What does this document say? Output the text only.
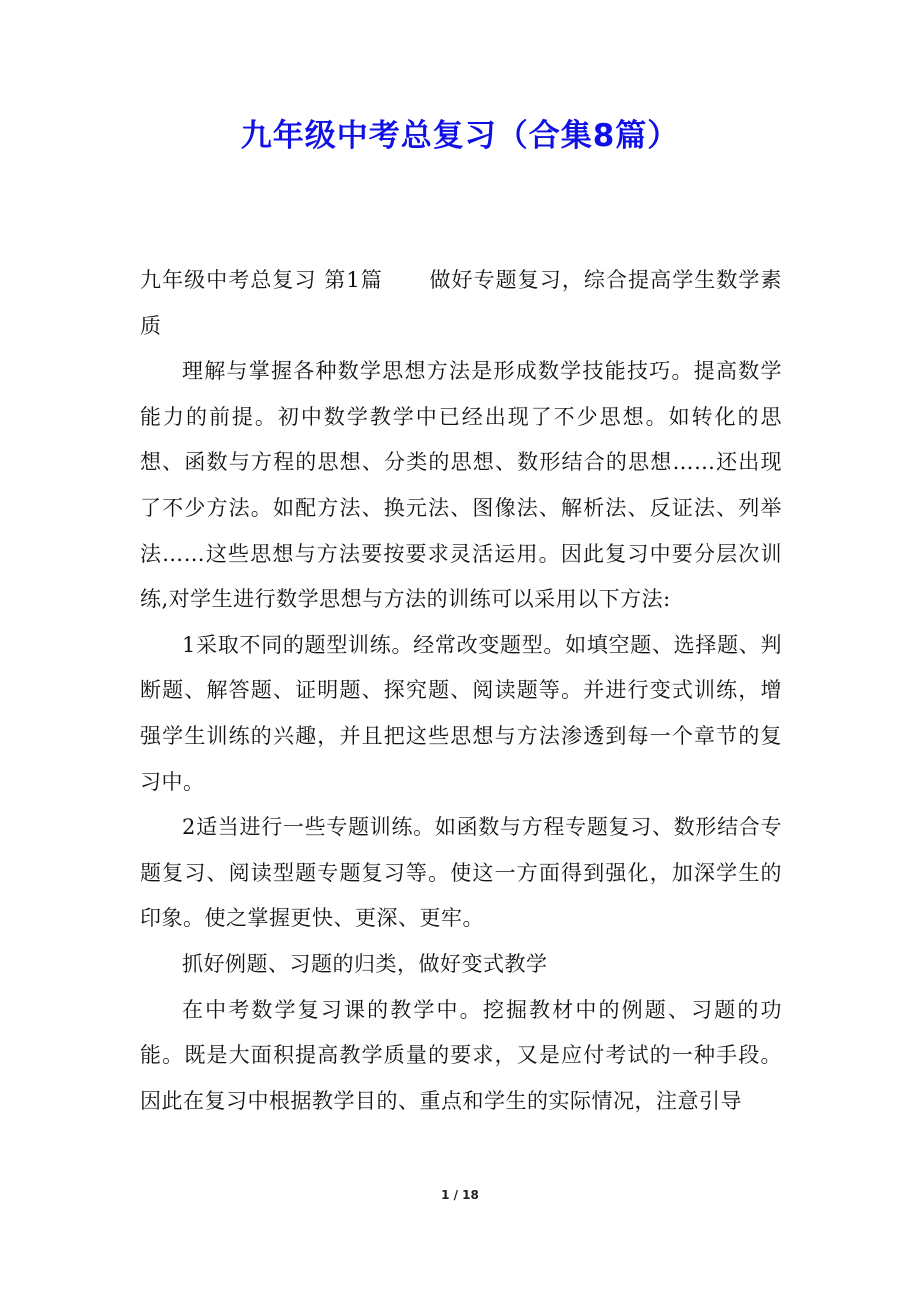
九年级中考总复习（合集8篇）

九年级中考总复习 第1篇 做好专题复习，综合提高学生数学素质

理解与掌握各种数学思想方法是形成数学技能技巧。提高数学能力的前提。初中数学教学中已经出现了不少思想。如转化的思想、函数与方程的思想、分类的思想、数形结合的思想……还出现了不少方法。如配方法、换元法、图像法、解析法、反证法、列举法……这些思想与方法要按要求灵活运用。因此复习中要分层次训练,对学生进行数学思想与方法的训练可以采用以下方法:

1采取不同的题型训练。经常改变题型。如填空题、选择题、判断题、解答题、证明题、探究题、阅读题等。并进行变式训练，增强学生训练的兴趣，并且把这些思想与方法渗透到每一个章节的复习中。

2适当进行一些专题训练。如函数与方程专题复习、数形结合专题复习、阅读型题专题复习等。使这一方面得到强化，加深学生的印象。使之掌握更快、更深、更牢。

抓好例题、习题的归类，做好变式教学

在中考数学复习课的教学中。挖掘教材中的例题、习题的功能。既是大面积提高教学质量的要求，又是应付考试的一种手段。因此在复习中根据教学目的、重点和学生的实际情况，注意引导

1 / 18
